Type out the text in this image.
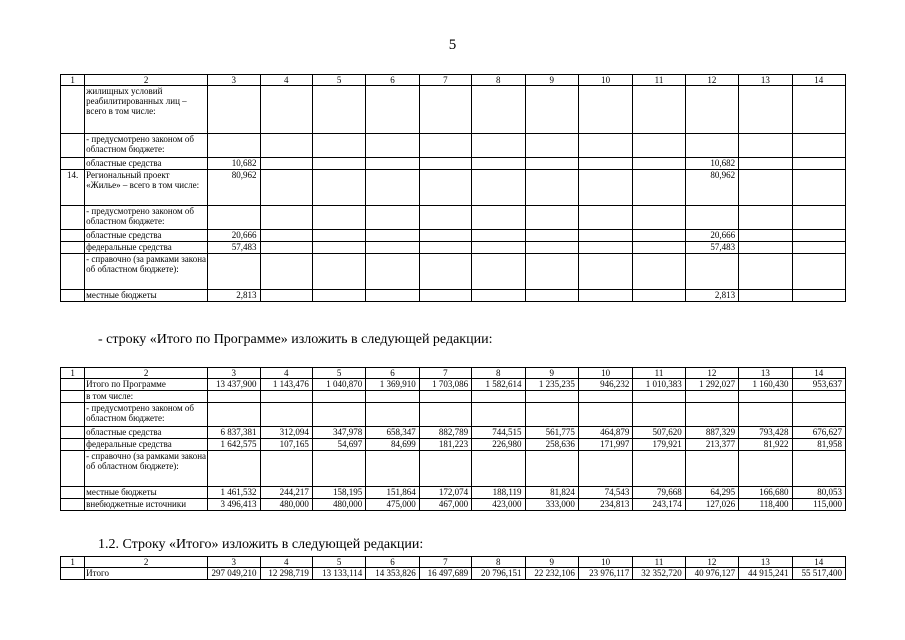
5
1	2	3	4	5	6	7	8	9	10	11	12	13	14
	жилищных условий реабилитированных лиц – всего в том числе:												
	- предусмотрено законом об областном бюджете:												
	областные средства	10,682									10,682		
14.	Региональный проект «Жилье» – всего в том числе:	80,962									80,962		
	- предусмотрено законом об областном бюджете:												
	областные средства	20,666									20,666		
	федеральные средства	57,483									57,483		
	- справочно (за рамками закона об областном бюджете):												
	местные бюджеты	2,813									2,813		
- строку «Итого по Программе» изложить в следующей редакции:
1	2	3	4	5	6	7	8	9	10	11	12	13	14
	Итого по Программе	13 437,900	1 143,476	1 040,870	1 369,910	1 703,086	1 582,614	1 235,235	946,232	1 010,383	1 292,027	1 160,430	953,637
	в том числе:												
	- предусмотрено законом об областном бюджете:												
	областные средства	6 837,381	312,094	347,978	658,347	882,789	744,515	561,775	464,879	507,620	887,329	793,428	676,627
	федеральные средства	1 642,575	107,165	54,697	84,699	181,223	226,980	258,636	171,997	179,921	213,377	81,922	81,958
	- справочно (за рамками закона об областном бюджете):												
	местные бюджеты	1 461,532	244,217	158,195	151,864	172,074	188,119	81,824	74,543	79,668	64,295	166,680	80,053
	внебюджетные источники	3 496,413	480,000	480,000	475,000	467,000	423,000	333,000	234,813	243,174	127,026	118,400	115,000
1.2. Строку «Итого» изложить в следующей редакции:
1	2	3	4	5	6	7	8	9	10	11	12	13	14
	Итого	297 049,210	12 298,719	13 133,114	14 353,826	16 497,689	20 796,151	22 232,106	23 976,117	32 352,720	40 976,127	44 915,241	55 517,400
